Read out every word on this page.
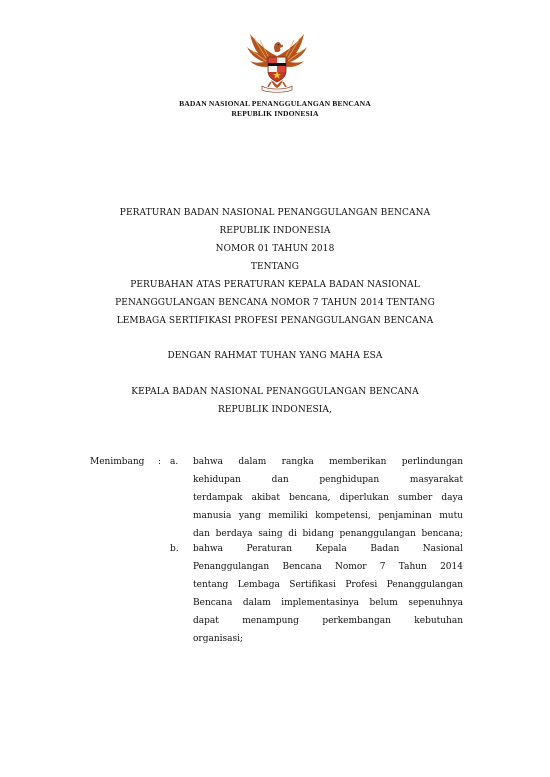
BADAN NASIONAL PENANGGULANGAN BENCANA
REPUBLIK INDONESIA
PERATURAN BADAN NASIONAL PENANGGULANGAN BENCANA
REPUBLIK INDONESIA
NOMOR 01 TAHUN 2018
TENTANG
PERUBAHAN ATAS PERATURAN KEPALA BADAN NASIONAL
PENANGGULANGAN BENCANA NOMOR 7 TAHUN 2014 TENTANG
LEMBAGA SERTIFIKASI PROFESI PENANGGULANGAN BENCANA
DENGAN RAHMAT TUHAN YANG MAHA ESA
KEPALA BADAN NASIONAL PENANGGULANGAN BENCANA
REPUBLIK INDONESIA,
Menimbang : a. bahwa dalam rangka memberikan perlindungan
kehidupan dan penghidupan masyarakat
terdampak akibat bencana, diperlukan sumber daya
manusia yang memiliki kompetensi, penjaminan mutu
dan berdaya saing di bidang penanggulangan bencana;
b. bahwa Peraturan Kepala Badan Nasional
Penanggulangan Bencana Nomor 7 Tahun 2014
tentang Lembaga Sertifikasi Profesi Penanggulangan
Bencana dalam implementasinya belum sepenuhnya
dapat menampung perkembangan kebutuhan
organisasi;
